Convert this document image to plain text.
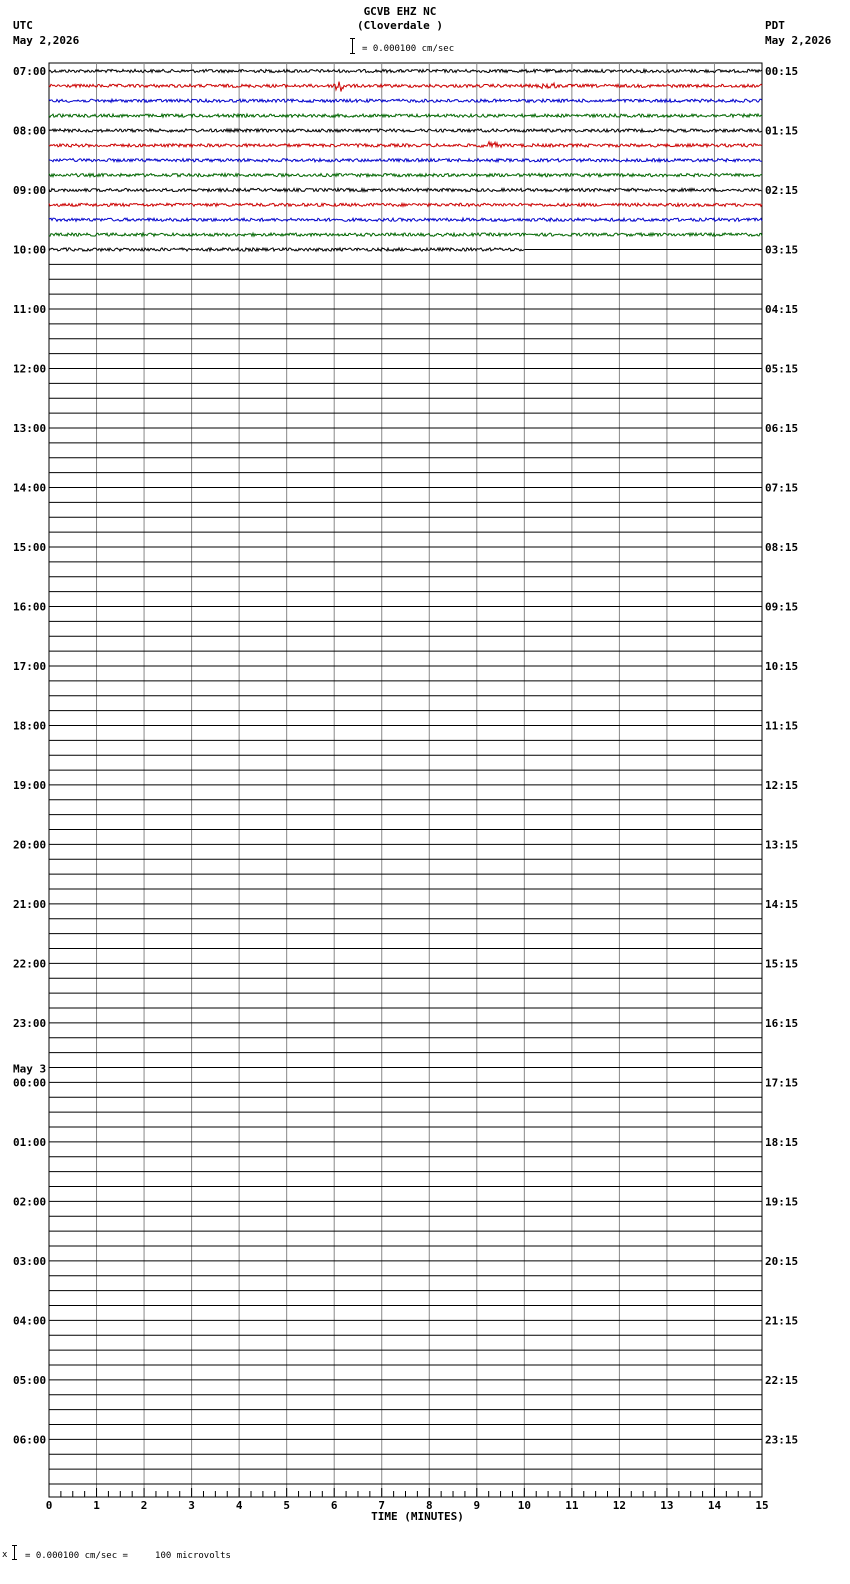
GCVB EHZ NC
(Cloverdale )
= 0.000100 cm/sec
UTC
May 2,2026
PDT
May 2,2026
07:00	00:15
08:00	01:15
09:00	02:15
10:00	03:15
11:00	04:15
12:00	05:15
13:00	06:15
14:00	07:15
15:00	08:15
16:00	09:15
17:00	10:15
18:00	11:15
19:00	12:15
20:00	13:15
21:00	14:15
22:00	15:15
23:00	16:15
00:00	17:15
01:00	18:15
02:00	19:15
03:00	20:15
04:00	21:15
05:00	22:15
06:00	23:15
May 3
0	1	2	3	4	5	6	7	8	9	10	11	12	13	14	15
TIME (MINUTES)
x = 0.000100 cm/sec =     100 microvolts
